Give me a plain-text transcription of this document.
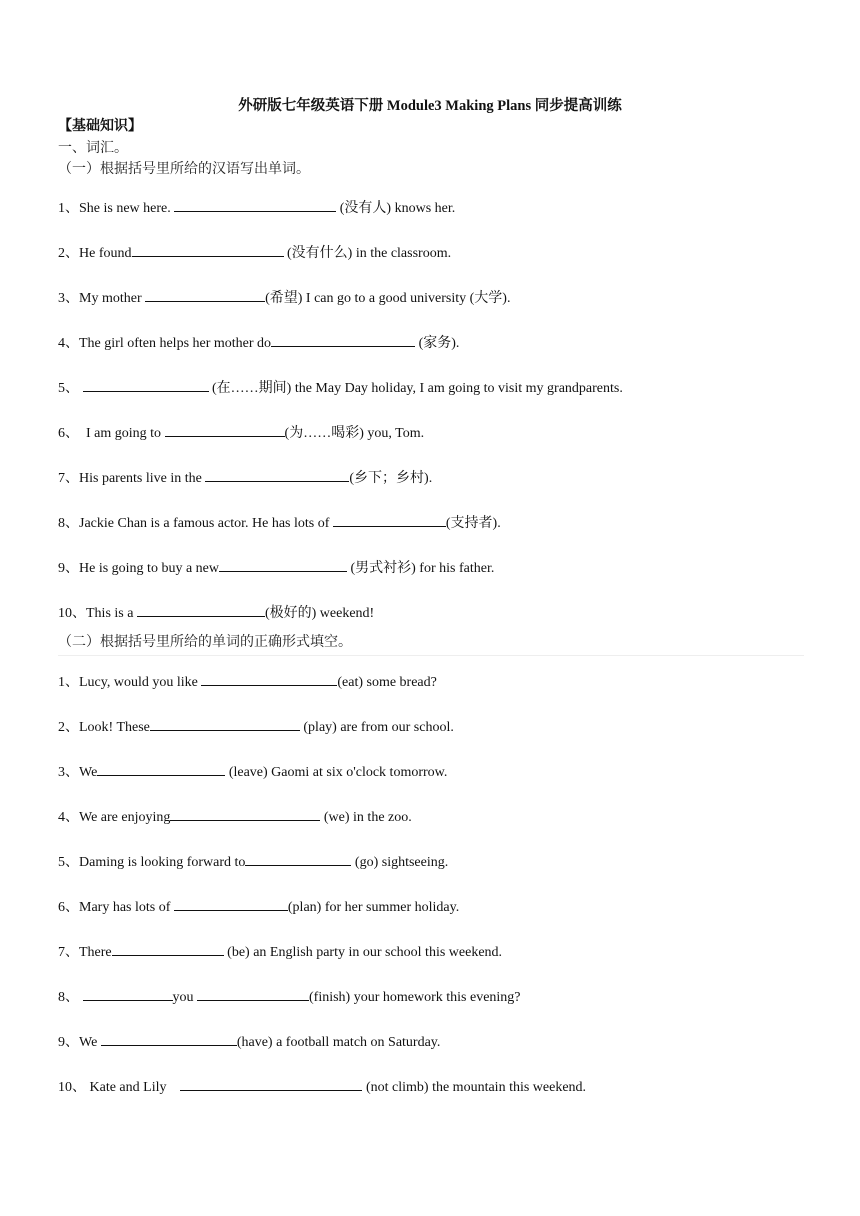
外研版七年级英语下册 Module3 Making Plans 同步提高训练
【基础知识】
一、词汇。
（一）根据括号里所给的汉语写出单词。
1、She is new here.	(没有人) knows her.
2、He found	(没有什么) in the classroom.
3、My mother	(希望) I can go to a good university (大学).
4、The girl often helps her mother do	(家务).
5、	(在……期间) the May Day holiday, I am going to visit my grandparents.
6、  I am going to	(为……喝彩) you, Tom.
7、His parents live in the	(乡下；乡村).
8、Jackie Chan is a famous actor. He has lots of	(支持者).
9、He is going to buy a new	(男式衬衫) for his father.
10、This is a	(极好的) weekend!
（二）根据括号里所给的单词的正确形式填空。
1、Lucy, would you like	(eat) some bread?
2、Look! These	(play) are from our school.
3、We	(leave) Gaomi at six o'clock tomorrow.
4、We are enjoying	(we) in the zoo.
5、Daming is looking forward to	(go) sightseeing.
6、Mary has lots of	(plan) for her summer holiday.
7、There	(be) an English party in our school this weekend.
8、	you	(finish) your homework this evening?
9、We	(have) a football match on Saturday.
10、 Kate and Lily	(not climb) the mountain this weekend.
